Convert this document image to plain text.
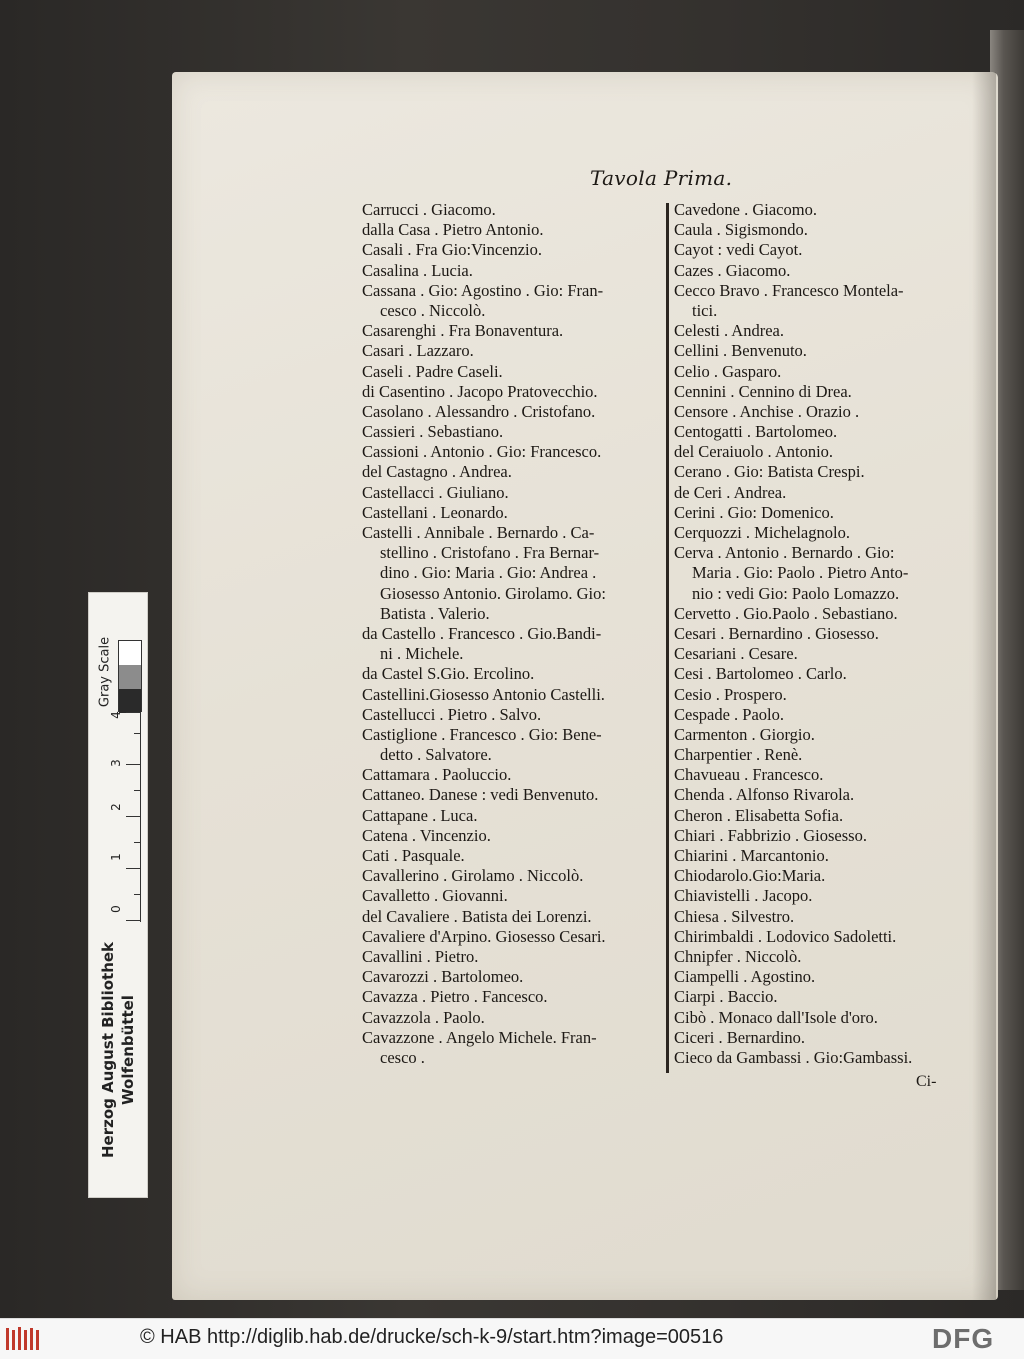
Tavola Prima.
Carrucci . Giacomo.
dalla Casa . Pietro Antonio.
Casali . Fra Gio:Vincenzio.
Casalina . Lucia.
Cassana . Gio: Agostino . Gio: Fran-
cesco . Niccolò.
Casarenghi . Fra Bonaventura.
Casari . Lazzaro.
Caseli . Padre Caseli.
di Casentino . Jacopo Pratovecchio.
Casolano . Alessandro . Cristofano.
Cassieri . Sebastiano.
Cassioni . Antonio . Gio: Francesco.
del Castagno . Andrea.
Castellacci . Giuliano.
Castellani . Leonardo.
Castelli . Annibale . Bernardo . Ca-
stellino . Cristofano . Fra Bernar-
dino . Gio: Maria . Gio: Andrea .
Giosesso Antonio. Girolamo. Gio:
Batista . Valerio.
da Castello . Francesco . Gio.Bandi-
ni . Michele.
da Castel S.Gio. Ercolino.
Castellini.Giosesso Antonio Castelli.
Castellucci . Pietro . Salvo.
Castiglione . Francesco . Gio: Bene-
detto . Salvatore.
Cattamara . Paoluccio.
Cattaneo. Danese : vedi Benvenuto.
Cattapane . Luca.
Catena . Vincenzio.
Cati . Pasquale.
Cavallerino . Girolamo . Niccolò.
Cavalletto . Giovanni.
del Cavaliere . Batista dei Lorenzi.
Cavaliere d'Arpino. Giosesso Cesari.
Cavallini . Pietro.
Cavarozzi . Bartolomeo.
Cavazza . Pietro . Fancesco.
Cavazzola . Paolo.
Cavazzone . Angelo Michele. Fran-
cesco .
Cavedone . Giacomo.
Caula . Sigismondo.
Cayot : vedi Cayot.
Cazes . Giacomo.
Cecco Bravo . Francesco Montela-
tici.
Celesti . Andrea.
Cellini . Benvenuto.
Celio . Gasparo.
Cennini . Cennino di Drea.
Censore . Anchise . Orazio .
Centogatti . Bartolomeo.
del Ceraiuolo . Antonio.
Cerano . Gio: Batista Crespi.
de Ceri . Andrea.
Cerini . Gio: Domenico.
Cerquozzi . Michelagnolo.
Cerva . Antonio . Bernardo . Gio:
Maria . Gio: Paolo . Pietro Anto-
nio : vedi Gio: Paolo Lomazzo.
Cervetto . Gio.Paolo . Sebastiano.
Cesari . Bernardino . Giosesso.
Cesariani . Cesare.
Cesi . Bartolomeo . Carlo.
Cesio . Prospero.
Cespade . Paolo.
Carmenton . Giorgio.
Charpentier . Renè.
Chavueau . Francesco.
Chenda . Alfonso Rivarola.
Cheron . Elisabetta Sofia.
Chiari . Fabbrizio . Giosesso.
Chiarini . Marcantonio.
Chiodarolo.Gio:Maria.
Chiavistelli . Jacopo.
Chiesa . Silvestro.
Chirimbaldi . Lodovico Sadoletti.
Chnipfer . Niccolò.
Ciampelli . Agostino.
Ciarpi . Baccio.
Cibò . Monaco dall'Isole d'oro.
Ciceri . Bernardino.
Cieco da Gambassi . Gio:Gambassi.
Ci-
Gray Scale
0
1
2
3
4
Herzog August Bibliothek Wolfenbüttel
© HAB http://diglib.hab.de/drucke/sch-k-9/start.htm?image=00516	DFG
